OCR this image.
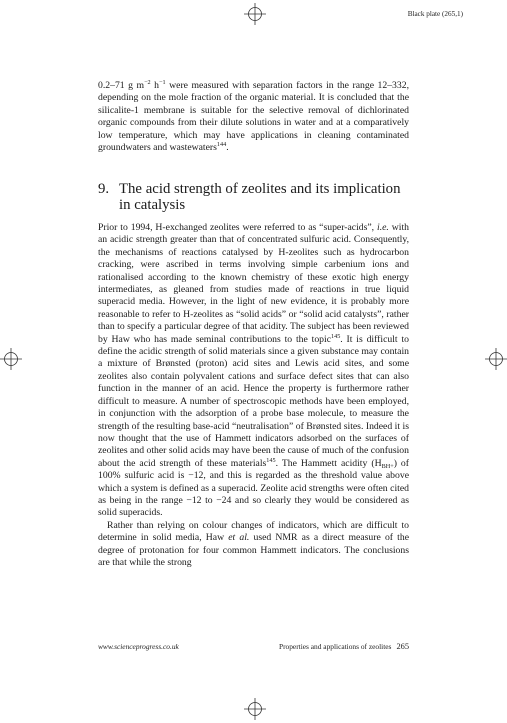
Black plate (265,1)

0.2–71 g $m^{-2}$ $h^{-1}$ were measured with separation factors in the range 12–332, depending on the mole fraction of the organic material. It is concluded that the silicalite-1 membrane is suitable for the selective removal of dichlorinated organic compounds from their dilute solutions in water and at a comparatively low temperature, which may have applications in cleaning contaminated groundwaters and wastewaters$^{144}$.

9. The acid strength of zeolites and its implication
in catalysis

Prior to 1994, H-exchanged zeolites were referred to as “super-acids”, i.e. with an acidic strength greater than that of concentrated sulfuric acid. Consequently, the mechanisms of reactions catalysed by H-zeolites such as hydrocarbon cracking, were ascribed in terms involving simple carbenium ions and rationalised according to the known chemistry of these exotic high energy intermediates, as gleaned from studies made of reactions in true liquid superacid media. However, in the light of new evidence, it is probably more reasonable to refer to H-zeolites as “solid acids” or “solid acid catalysts”, rather than to specify a particular degree of that acidity. The subject has been reviewed by Haw who has made seminal contributions to the topic$^{145}$. It is difficult to define the acidic strength of solid materials since a given substance may contain a mixture of Brønsted (proton) acid sites and Lewis acid sites, and some zeolites also contain polyvalent cations and surface defect sites that can also function in the manner of an acid. Hence the property is furthermore rather difficult to measure. A number of spectroscopic methods have been employed, in conjunction with the adsorption of a probe base molecule, to measure the strength of the resulting base-acid “neutralisation” of Brønsted sites. Indeed it is now thought that the use of Hammett indicators adsorbed on the surfaces of zeolites and other solid acids may have been the cause of much of the confusion about the acid strength of these materials$^{145}$. The Hammett acidity $(H_{BH+})$ of 100% sulfuric acid is −12, and this is regarded as the threshold value above which a system is defined as a superacid. Zeolite acid strengths were often cited as being in the range −12 to −24 and so clearly they would be considered as solid superacids.

Rather than relying on colour changes of indicators, which are difficult to determine in solid media, Haw et al. used NMR as a direct measure of the degree of protonation for four common Hammett indicators. The conclusions are that while the strong

www.scienceprogress.co.uk	Properties and applications of zeolites 265
